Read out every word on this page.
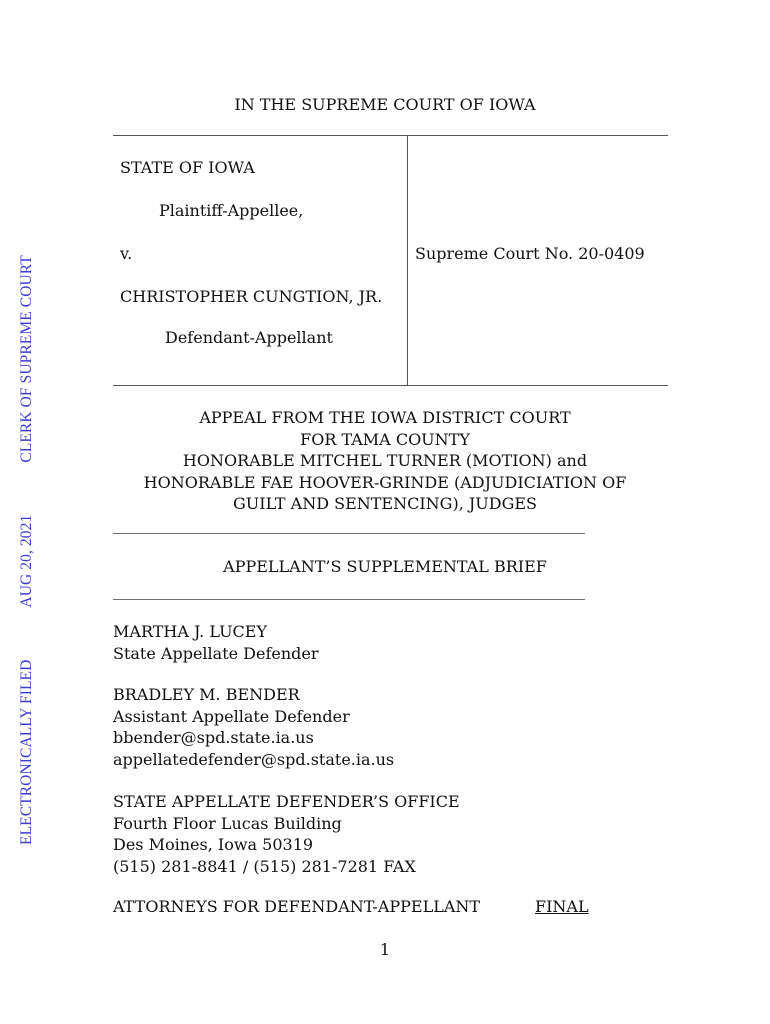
ELECTRONICALLY FILEDAUG 20, 2021CLERK OF SUPREME COURT
IN THE SUPREME COURT OF IOWA
STATE OF IOWA
Plaintiff-Appellee,
v.	Supreme Court No. 20-0409
CHRISTOPHER CUNGTION, JR.
Defendant-Appellant
APPEAL FROM THE IOWA DISTRICT COURT
FOR TAMA COUNTY
HONORABLE MITCHEL TURNER (MOTION) and
HONORABLE FAE HOOVER-GRINDE (ADJUDICIATION OF
GUILT AND SENTENCING), JUDGES
___________________________________________________________
APPELLANT’S SUPPLEMENTAL BRIEF
___________________________________________________________
MARTHA J. LUCEY
State Appellate Defender
BRADLEY M. BENDER
Assistant Appellate Defender
bbender@spd.state.ia.us
appellatedefender@spd.state.ia.us
STATE APPELLATE DEFENDER’S OFFICE
Fourth Floor Lucas Building
Des Moines, Iowa 50319
(515) 281-8841 / (515) 281-7281 FAX
ATTORNEYS FOR DEFENDANT-APPELLANT	FINAL
1
